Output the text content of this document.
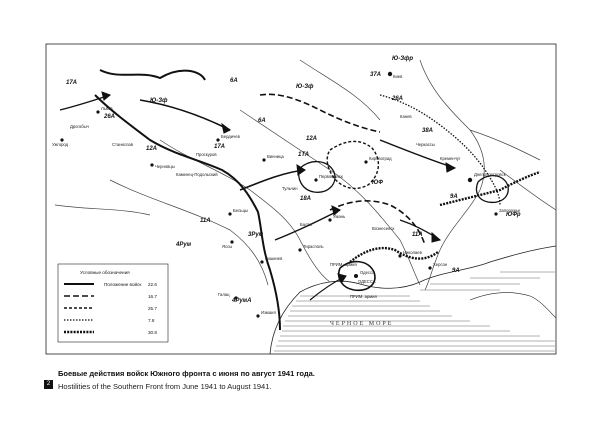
ЧЕРНОЕ МОРЕ
17А
Ю-Зф
26А
12А
6А
Ю-Зф
37А
38А
6А
12А
17А
1ТА
9А
18А
ЮФ
11А
4Рум
3Рум
ЮФр
9А
11А
Ю-Зфр
26А
ПРИМ. армия
ПРИМ. армия
ОДЕССА
4РумА
Киев
Днепропетровск
Кировоград
Первомайск
Винница
Черновцы
Ужгород
Львов
Бельцы
Яссы
Кишинев
Одесса
Николаев
Херсон
Запорожье
Галац
Измаил
Тирасполь
Бердичев
Умань
Канев
Черкассы
Кременчуг
Тульчин
Балта
Вознесенск
Дрогобыч
Станислав
Проскуров
Каменец-Подольский
Условные обозначения
Положение войск 22.6
16.7
25.7
7.8
30.8
Боевые действия войск Южного фронта с июня по август 1941 года.
2	Hostilities of the Southern Front from June 1941 to August 1941.
